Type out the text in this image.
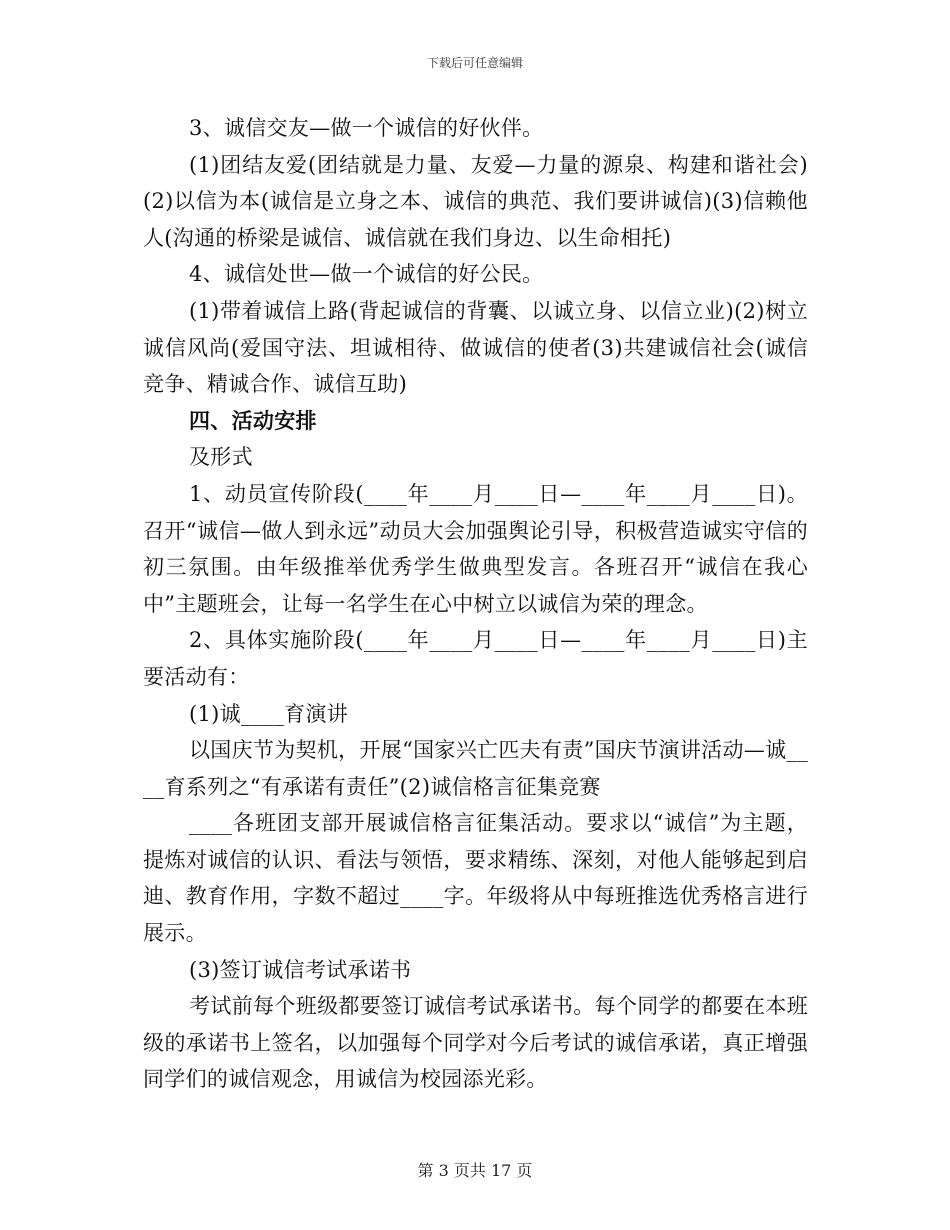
下载后可任意编辑

3、诚信交友—做一个诚信的好伙伴。

(1)团结友爱(团结就是力量、友爱—力量的源泉、构建和谐社会)(2)以信为本(诚信是立身之本、诚信的典范、我们要讲诚信)(3)信赖他人(沟通的桥梁是诚信、诚信就在我们身边、以生命相托)

4、诚信处世—做一个诚信的好公民。

(1)带着诚信上路(背起诚信的背囊、以诚立身、以信立业)(2)树立诚信风尚(爱国守法、坦诚相待、做诚信的使者(3)共建诚信社会(诚信竞争、精诚合作、诚信互助)

四、活动安排

及形式

1、动员宣传阶段(____年____月____日—____年____月____日)。召开“诚信—做人到永远”动员大会加强舆论引导，积极营造诚实守信的初三氛围。由年级推举优秀学生做典型发言。各班召开“诚信在我心中”主题班会，让每一名学生在心中树立以诚信为荣的理念。

2、具体实施阶段(____年____月____日—____年____月____日)主要活动有：

(1)诚____育演讲

以国庆节为契机，开展“国家兴亡匹夫有责”国庆节演讲活动—诚____育系列之“有承诺有责任”(2)诚信格言征集竞赛

____各班团支部开展诚信格言征集活动。要求以“诚信”为主题，提炼对诚信的认识、看法与领悟，要求精练、深刻，对他人能够起到启迪、教育作用，字数不超过____字。年级将从中每班推选优秀格言进行展示。

(3)签订诚信考试承诺书

考试前每个班级都要签订诚信考试承诺书。每个同学的都要在本班级的承诺书上签名，以加强每个同学对今后考试的诚信承诺，真正增强同学们的诚信观念，用诚信为校园添光彩。

第 3 页共 17 页
